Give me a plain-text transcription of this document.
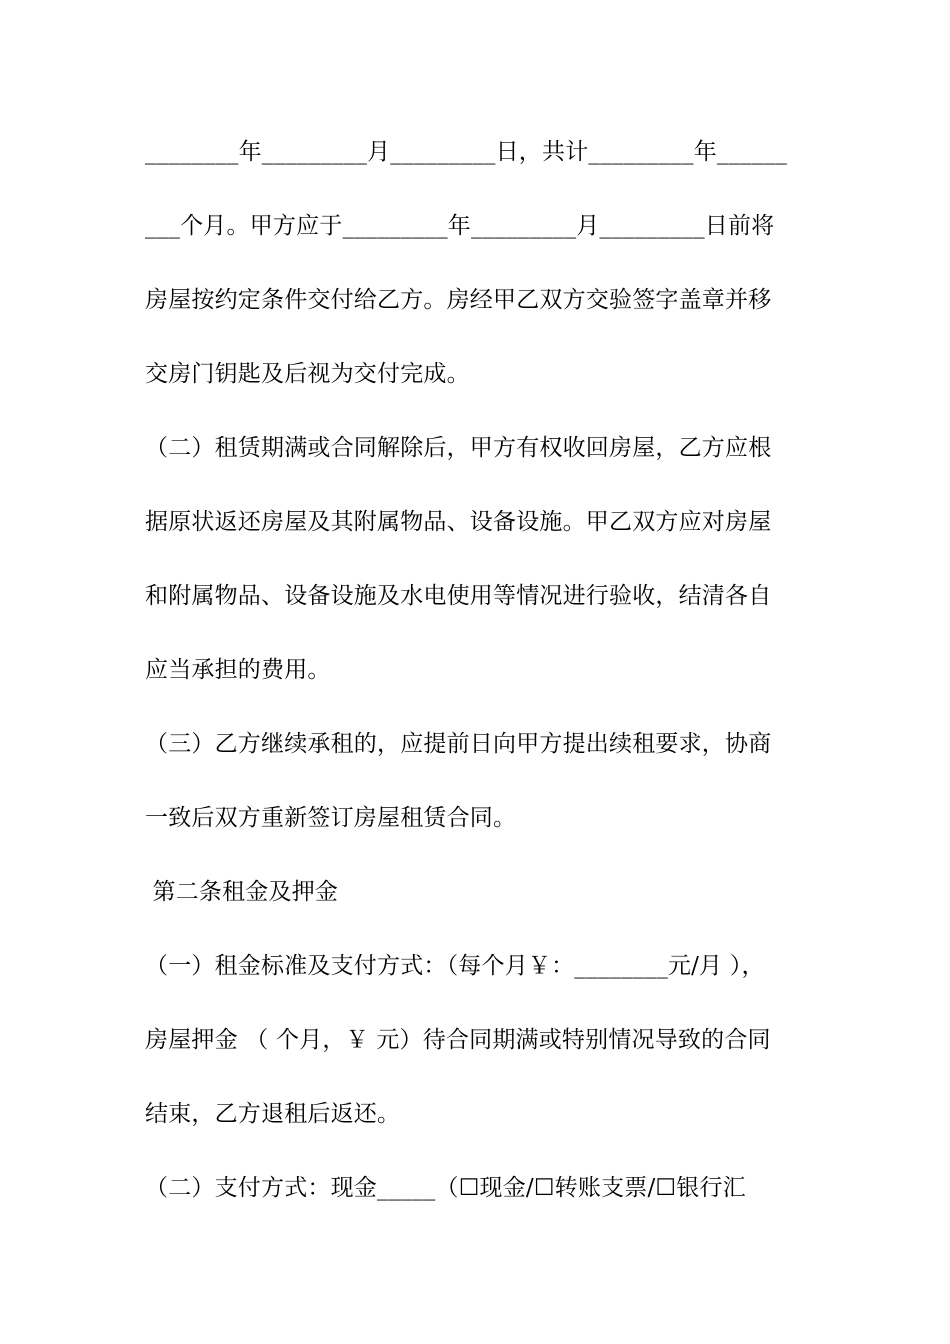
________年_________月_________日，共计_________年______
___个月。甲方应于_________年_________月_________日前将
房屋按约定条件交付给乙方。房经甲乙双方交验签字盖章并移
交房门钥匙及后视为交付完成。
（二）租赁期满或合同解除后，甲方有权收回房屋，乙方应根
据原状返还房屋及其附属物品、设备设施。甲乙双方应对房屋
和附属物品、设备设施及水电使用等情况进行验收，结清各自
应当承担的费用。
（三）乙方继续承租的，应提前日向甲方提出续租要求，协商
一致后双方重新签订房屋租赁合同。
第二条租金及押金
（一）租金标准及支付方式：（每个月￥：________元/月 ），
房屋押金 （ 个月，￥ 元）待合同期满或特别情况导致的合同
结束，乙方退租后返还。
（二）支付方式：现金_____（☐现金/☐转账支票/☐银行汇
